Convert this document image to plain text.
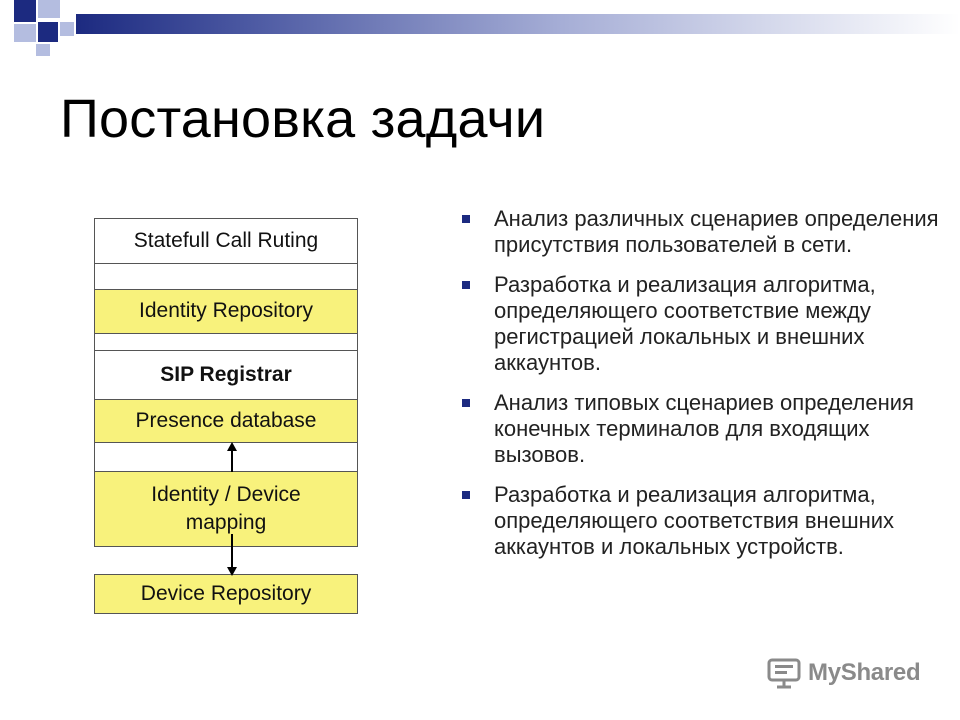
Постановка задачи
Statefull Call Ruting
Identity Repository
SIP Registrar
Presence database
Identity / Device mapping
Device Repository
Анализ различных сценариев определения присутствия пользователей в сети.
Разработка и реализация алгоритма, определяющего соответствие между регистрацией локальных и внешних аккаунтов.
Анализ типовых сценариев определения конечных терминалов для входящих вызовов.
Разработка и реализация алгоритма, определяющего соответствия внешних аккаунтов и локальных устройств.
MyShared
